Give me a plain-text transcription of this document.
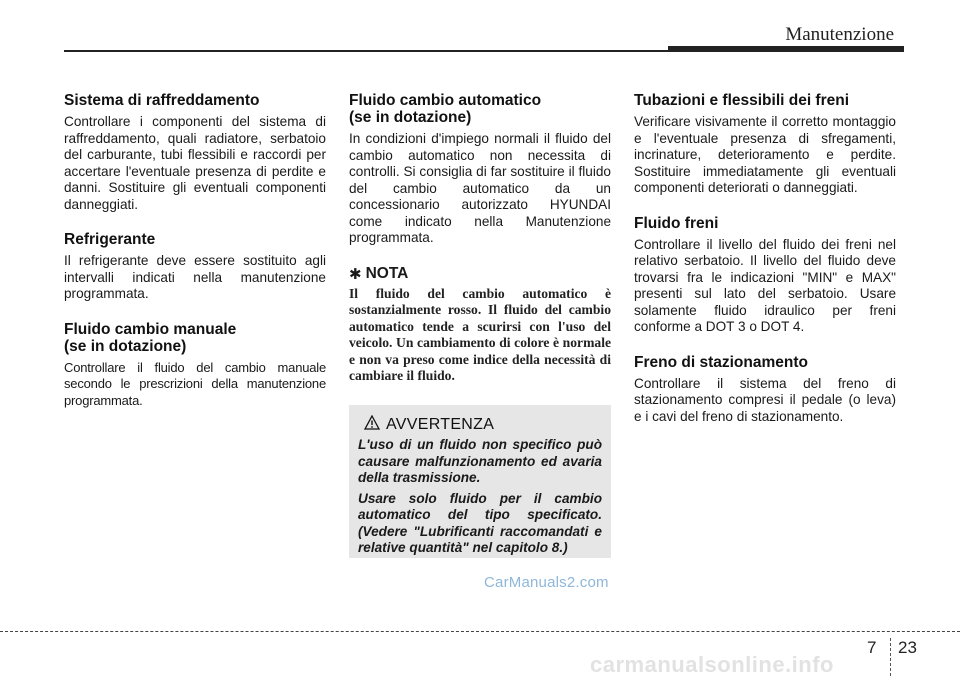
Manutenzione
Sistema di raffreddamento

Controllare i componenti del sistema di raffreddamento, quali radiatore, serbatoio del carburante, tubi flessibili e raccordi per accertare l'eventuale presenza di perdite e danni. Sostituire gli eventuali componenti danneggiati.

Refrigerante

Il refrigerante deve essere sostituito agli intervalli indicati nella manutenzione programmata.

Fluido cambio manuale
(se in dotazione)

Controllare il fluido del cambio manuale secondo le prescrizioni della manutenzione programmata.

Fluido cambio automatico
(se in dotazione)

In condizioni d'impiego normali il fluido del cambio automatico non necessita di controlli. Si consiglia di far sostituire il fluido del cambio automatico da un concessionario autorizzato HYUNDAI come indicato nella Manutenzione programmata.

✱ NOTA

Il fluido del cambio automatico è sostanzialmente rosso. Il fluido del cambio automatico tende a scurirsi con l'uso del veicolo. Un cambiamento di colore è normale e non va preso come indice della necessità di cambiare il fluido.

AVVERTENZA

L'uso di un fluido non specifico può causare malfunzionamento ed avaria della trasmissione.

Usare solo fluido per il cambio automatico del tipo specificato. (Vedere "Lubrificanti raccomandati e relative quantità" nel capitolo 8.)

Tubazioni e flessibili dei freni

Verificare visivamente il corretto montaggio e l'eventuale presenza di sfregamenti, incrinature, deterioramento e perdite. Sostituire immediatamente gli eventuali componenti deteriorati o danneggiati.

Fluido freni

Controllare il livello del fluido dei freni nel relativo serbatoio. Il livello del fluido deve trovarsi fra le indicazioni "MIN" e MAX" presenti sul lato del serbatoio. Usare solamente fluido idraulico per freni conforme a DOT 3 o DOT 4.

Freno di stazionamento

Controllare il sistema del freno di stazionamento compresi il pedale (o leva) e i cavi del freno di stazionamento.

CarManuals2.com
7 23
carmanualsonline.info
